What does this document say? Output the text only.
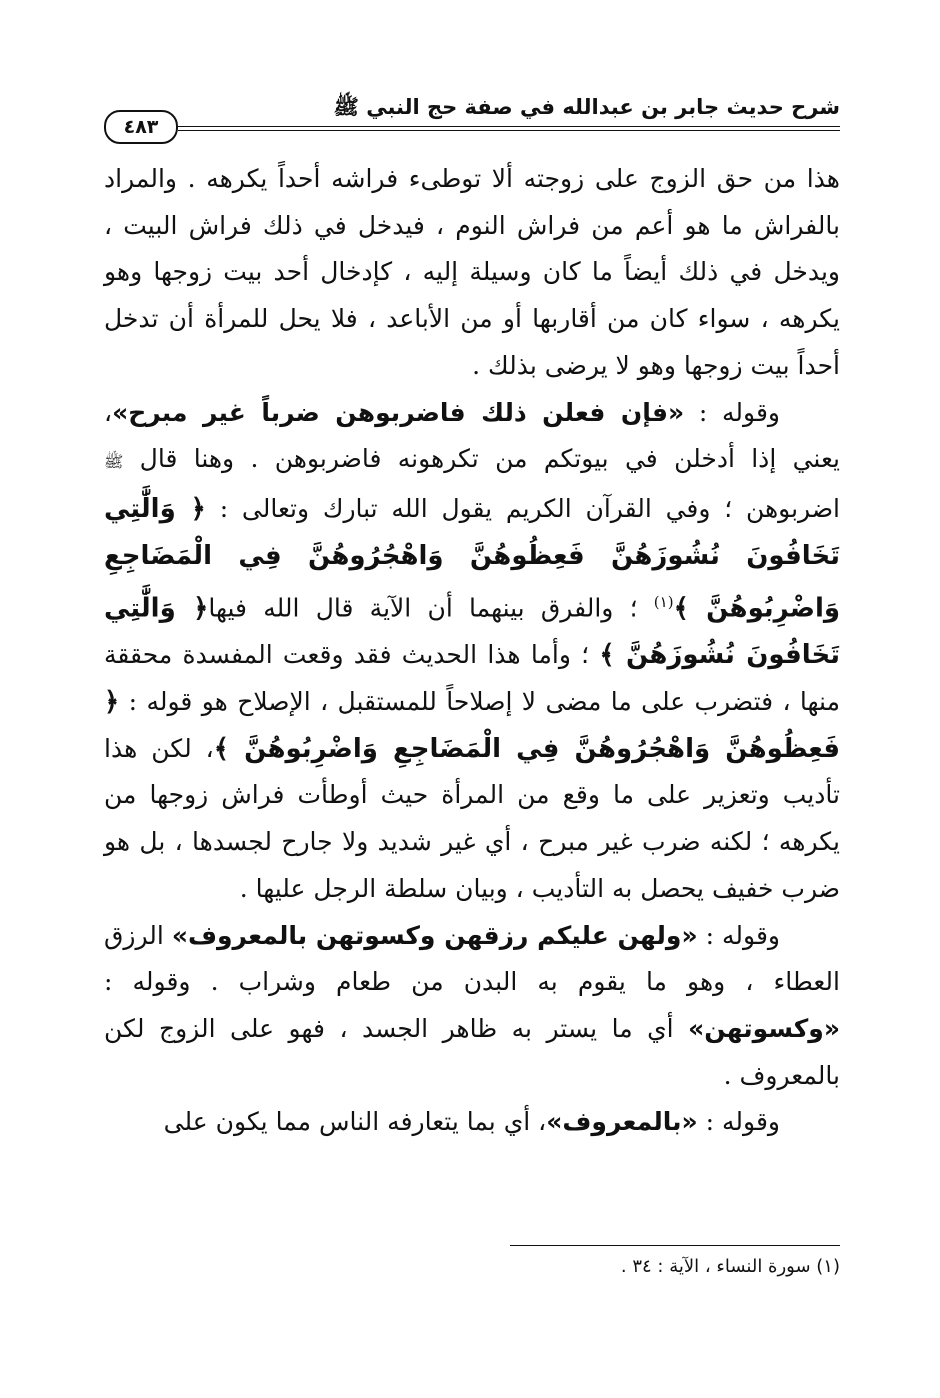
شرح حديث جابر بن عبدالله في صفة حج النبي ﷺ
٤٨٣

هذا من حق الزوج على زوجته ألا توطىء فراشه أحداً يكرهه . والمراد بالفراش ما هو أعم من فراش النوم ، فيدخل في ذلك فراش البيت ، ويدخل في ذلك أيضاً ما كان وسيلة إليه ، كإدخال أحد بيت زوجها وهو يكرهه ، سواء كان من أقاربها أو من الأباعد ، فلا يحل للمرأة أن تدخل أحداً بيت زوجها وهو لا يرضى بذلك .

وقوله : «فإن فعلن ذلك فاضربوهن ضرباً غير مبرح»، يعني إذا أدخلن في بيوتكم من تكرهونه فاضربوهن . وهنا قال ﷺ اضربوهن ؛ وفي القرآن الكريم يقول الله تبارك وتعالى : ﴿ وَالَّٰتِي تَخَافُونَ نُشُوزَهُنَّ فَعِظُوهُنَّ وَاهْجُرُوهُنَّ فِي الْمَضَاجِعِ وَاضْرِبُوهُنَّ ﴾$^{(١)}$ ؛ والفرق بينهما أن الآية قال الله فيها﴿ وَالَّٰتِي تَخَافُونَ نُشُوزَهُنَّ ﴾ ؛ وأما هذا الحديث فقد وقعت المفسدة محققة منها ، فتضرب على ما مضى لا إصلاحاً للمستقبل ، الإصلاح هو قوله : ﴿ فَعِظُوهُنَّ وَاهْجُرُوهُنَّ فِي الْمَضَاجِعِ وَاضْرِبُوهُنَّ ﴾، لكن هذا تأديب وتعزير على ما وقع من المرأة حيث أوطأت فراش زوجها من يكرهه ؛ لكنه ضرب غير مبرح ، أي غير شديد ولا جارح لجسدها ، بل هو ضرب خفيف يحصل به التأديب ، وبيان سلطة الرجل عليها .

وقوله : «ولهن عليكم رزقهن وكسوتهن بالمعروف» الرزق العطاء ، وهو ما يقوم به البدن من طعام وشراب . وقوله : «وكسوتهن» أي ما يستر به ظاهر الجسد ، فهو على الزوج لكن بالمعروف .

وقوله : «بالمعروف»، أي بما يتعارفه الناس مما يكون على

(١) سورة النساء ، الآية : ٣٤ .
